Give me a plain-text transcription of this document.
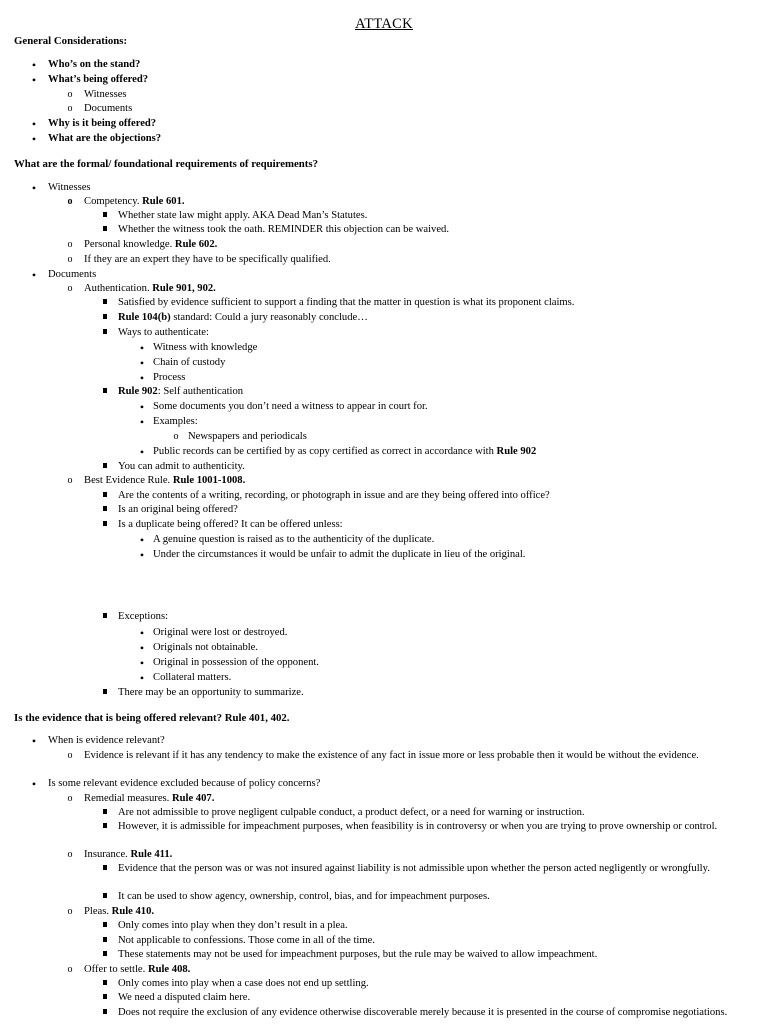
ATTACK
General Considerations:
•
Who’s on the stand?
•
What’s being offered?
o
Witnesses
o
Documents
•
Why is it being offered?
•
What are the objections?
What are the formal/ foundational requirements of requirements?
•
Witnesses
o
Competency. Rule 601.
Whether state law might apply. AKA Dead Man’s Statutes.
Whether the witness took the oath. REMINDER this objection can be waived.
o
Personal knowledge. Rule 602.
o
If they are an expert they have to be specifically qualified.
•
Documents
o
Authentication. Rule 901, 902.
Satisfied by evidence sufficient to support a finding that the matter in question is what its proponent claims.
Rule 104(b) standard: Could a jury reasonably conclude…
Ways to authenticate:
•
Witness with knowledge
•
Chain of custody
•
Process
Rule 902: Self authentication
•
Some documents you don’t need a witness to appear in court for.
•
Examples:
o
Newspapers and periodicals
•
Public records can be certified by as copy certified as correct in accordance with Rule 902
You can admit to authenticity.
o
Best Evidence Rule. Rule 1001-1008.
Are the contents of a writing, recording, or photograph in issue and are they being offered into office?
Is an original being offered?
Is a duplicate being offered? It can be offered unless:
•
A genuine question is raised as to the authenticity of the duplicate.
•
Under the circumstances it would be unfair to admit the duplicate in lieu of the original.
Exceptions:
•
Original were lost or destroyed.
•
Originals not obtainable.
•
Original in possession of the opponent.
•
Collateral matters.
There may be an opportunity to summarize.
Is the evidence that is being offered relevant? Rule 401, 402.
•
When is evidence relevant?
o
Evidence is relevant if it has any tendency to make the existence of any fact in issue more or less probable then it would be without the evidence.
•
Is some relevant evidence excluded because of policy concerns?
o
Remedial measures. Rule 407.
Are not admissible to prove negligent culpable conduct, a product defect, or a need for warning or instruction.
However, it is admissible for impeachment purposes, when feasibility is in controversy or when you are trying to prove ownership or control.
o
Insurance. Rule 411.
Evidence that the person was or was not insured against liability is not admissible upon whether the person acted negligently or wrongfully.
It can be used to show agency, ownership, control, bias, and for impeachment purposes.
o
Pleas. Rule 410.
Only comes into play when they don’t result in a plea.
Not applicable to confessions. Those come in all of the time.
These statements may not be used for impeachment purposes, but the rule may be waived to allow impeachment.
o
Offer to settle. Rule 408.
Only comes into play when a case does not end up settling.
We need a disputed claim here.
Does not require the exclusion of any evidence otherwise discoverable merely because it is presented in the course of compromise negotiations.
